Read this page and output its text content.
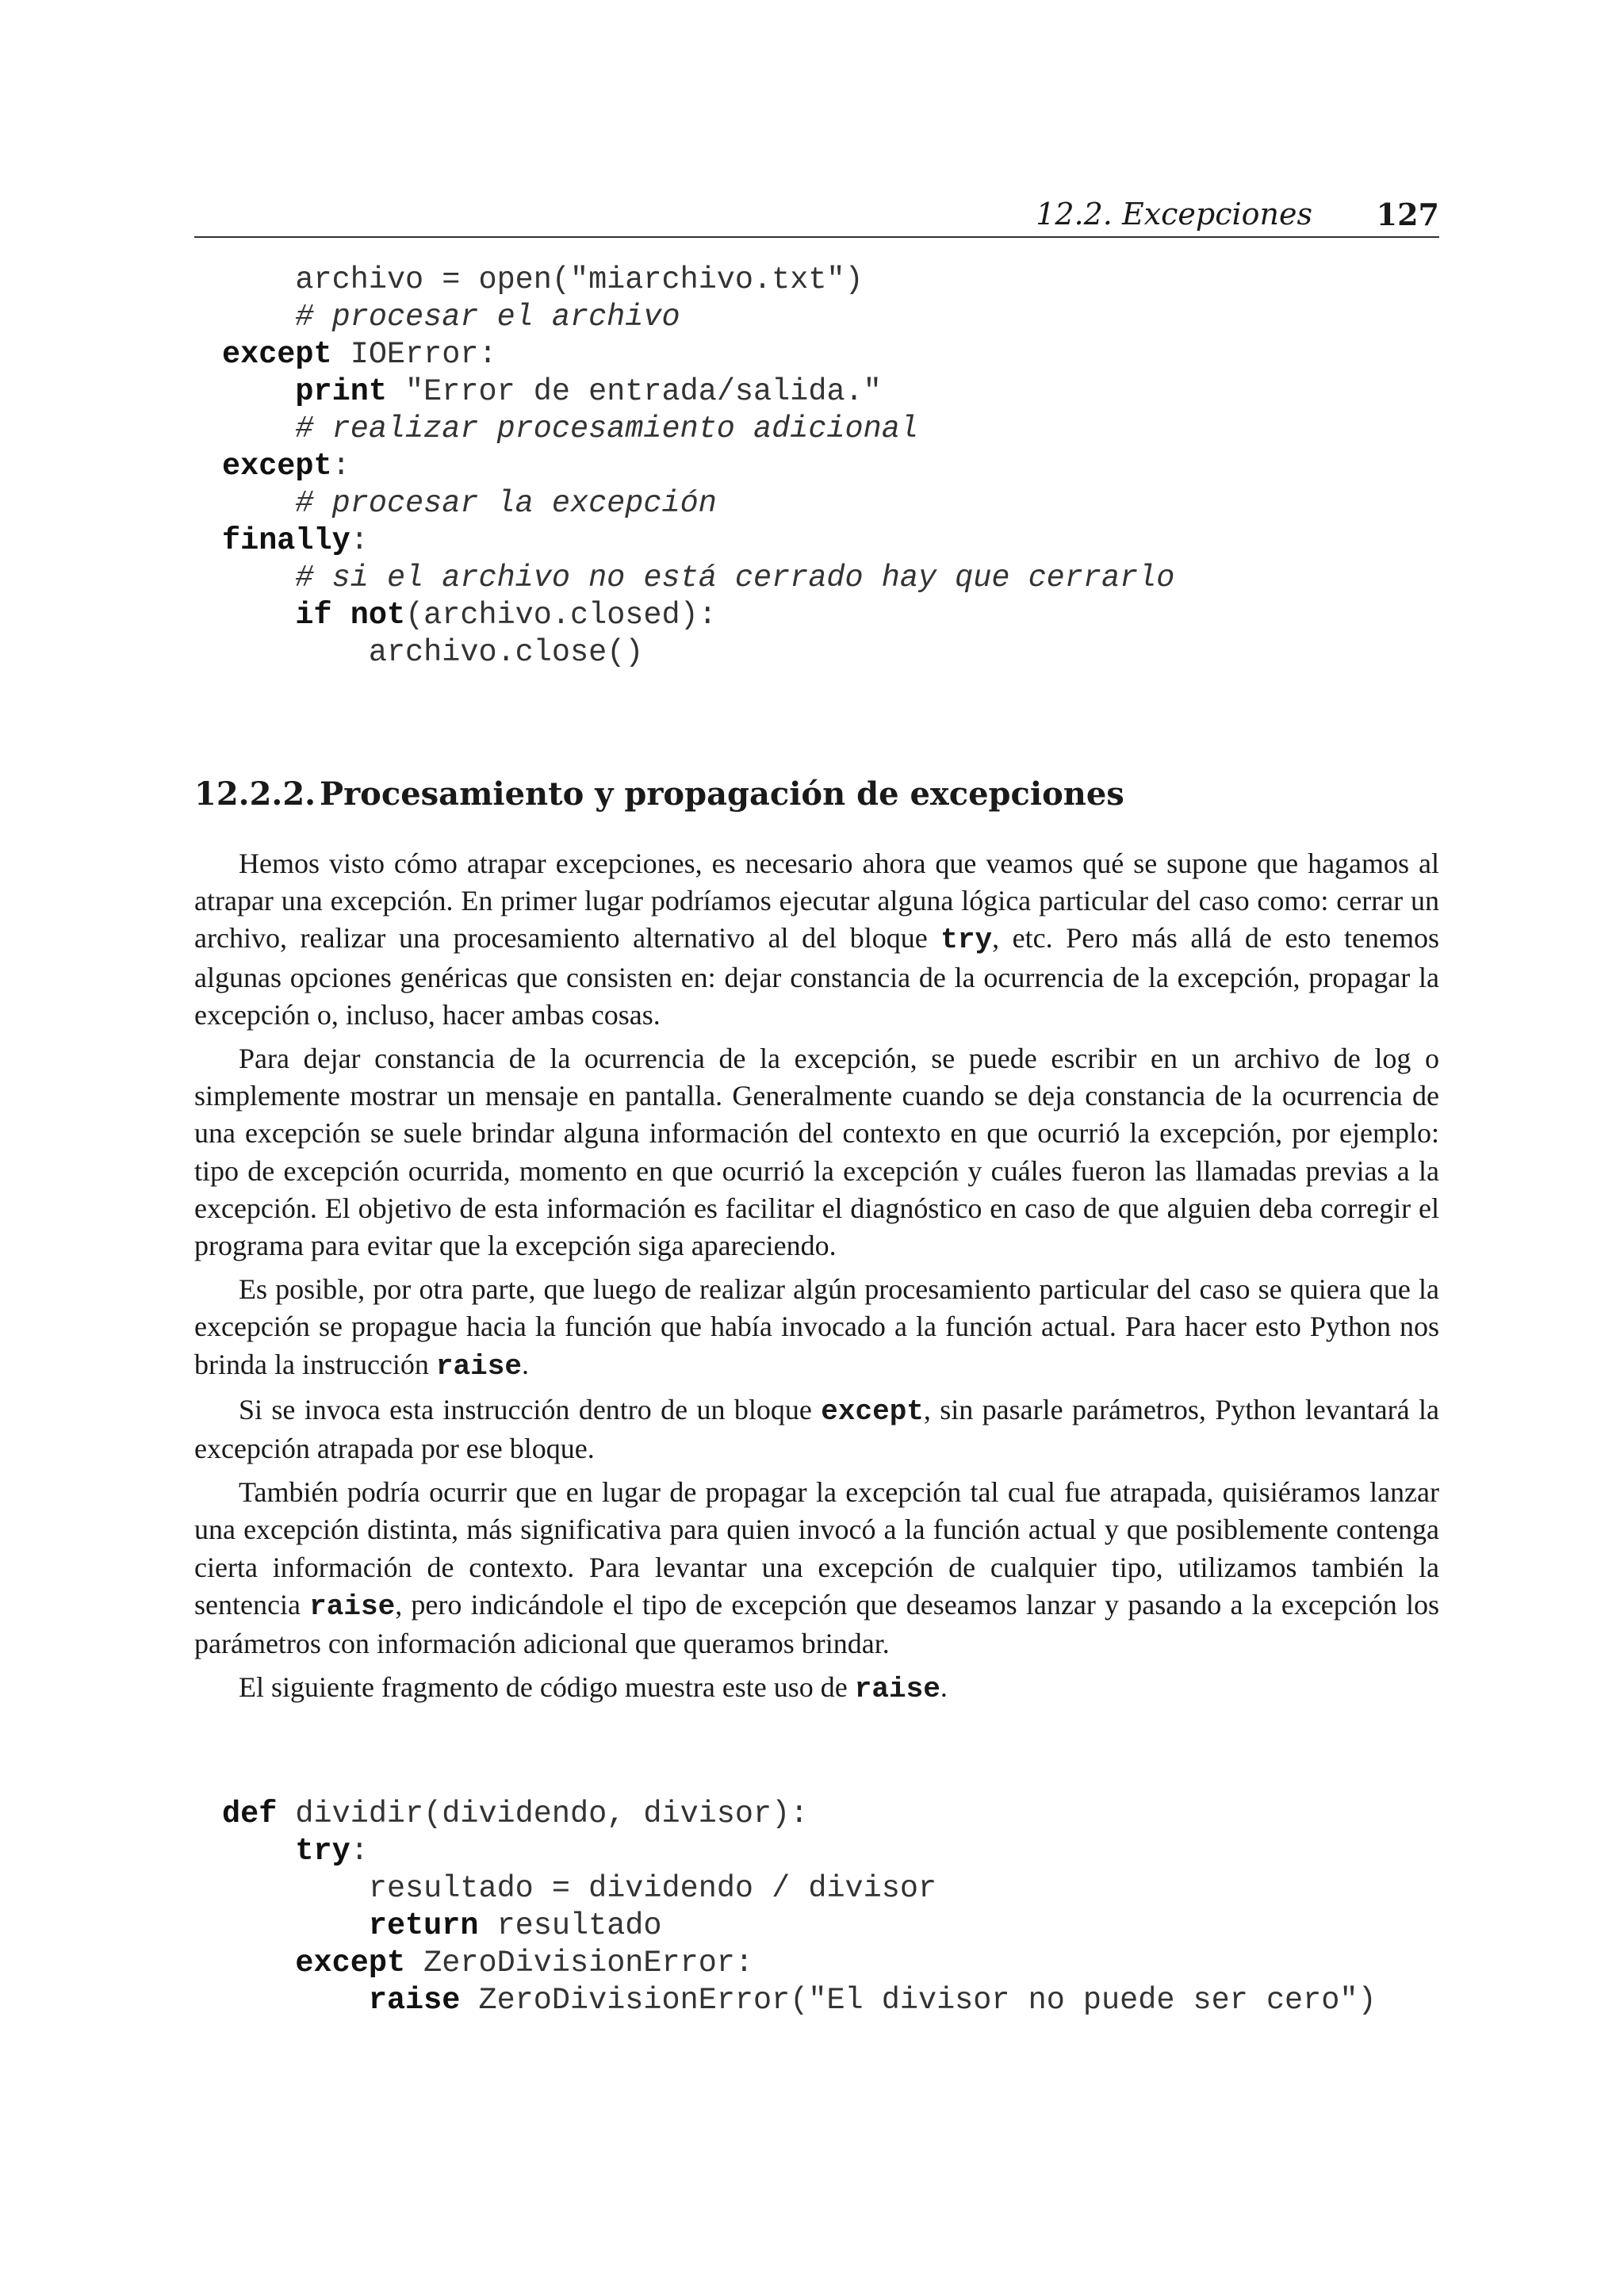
12.2. Excepciones 127
archivo = open("miarchivo.txt")
# procesar el archivo
except IOError:
print "Error de entrada/salida."
# realizar procesamiento adicional
except:
# procesar la excepción
finally:
# si el archivo no está cerrado hay que cerrarlo
if not(archivo.closed):
archivo.close()
12.2.2. Procesamiento y propagación de excepciones

Hemos visto cómo atrapar excepciones, es necesario ahora que veamos qué se supone que hagamos al atrapar una excepción. En primer lugar podríamos ejecutar alguna lógica particular del caso como: cerrar un archivo, realizar una procesamiento alternativo al del bloque try, etc. Pero más allá de esto tenemos algunas opciones genéricas que consisten en: dejar constancia de la ocurrencia de la excepción, propagar la excepción o, incluso, hacer ambas cosas.

Para dejar constancia de la ocurrencia de la excepción, se puede escribir en un archivo de log o simplemente mostrar un mensaje en pantalla. Generalmente cuando se deja constancia de la ocurrencia de una excepción se suele brindar alguna información del contexto en que ocurrió la excepción, por ejemplo: tipo de excepción ocurrida, momento en que ocurrió la excepción y cuáles fueron las llamadas previas a la excepción. El objetivo de esta información es facilitar el diagnóstico en caso de que alguien deba corregir el programa para evitar que la excepción siga apareciendo.

Es posible, por otra parte, que luego de realizar algún procesamiento particular del caso se quiera que la excepción se propague hacia la función que había invocado a la función actual. Para hacer esto Python nos brinda la instrucción raise.

Si se invoca esta instrucción dentro de un bloque except, sin pasarle parámetros, Python levantará la excepción atrapada por ese bloque.

También podría ocurrir que en lugar de propagar la excepción tal cual fue atrapada, quisiéramos lanzar una excepción distinta, más significativa para quien invocó a la función actual y que posiblemente contenga cierta información de contexto. Para levantar una excepción de cualquier tipo, utilizamos también la sentencia raise, pero indicándole el tipo de excepción que deseamos lanzar y pasando a la excepción los parámetros con información adicional que queramos brindar.

El siguiente fragmento de código muestra este uso de raise.

def dividir(dividendo, divisor):
try:
resultado = dividendo / divisor
return resultado
except ZeroDivisionError:
raise ZeroDivisionError("El divisor no puede ser cero")
